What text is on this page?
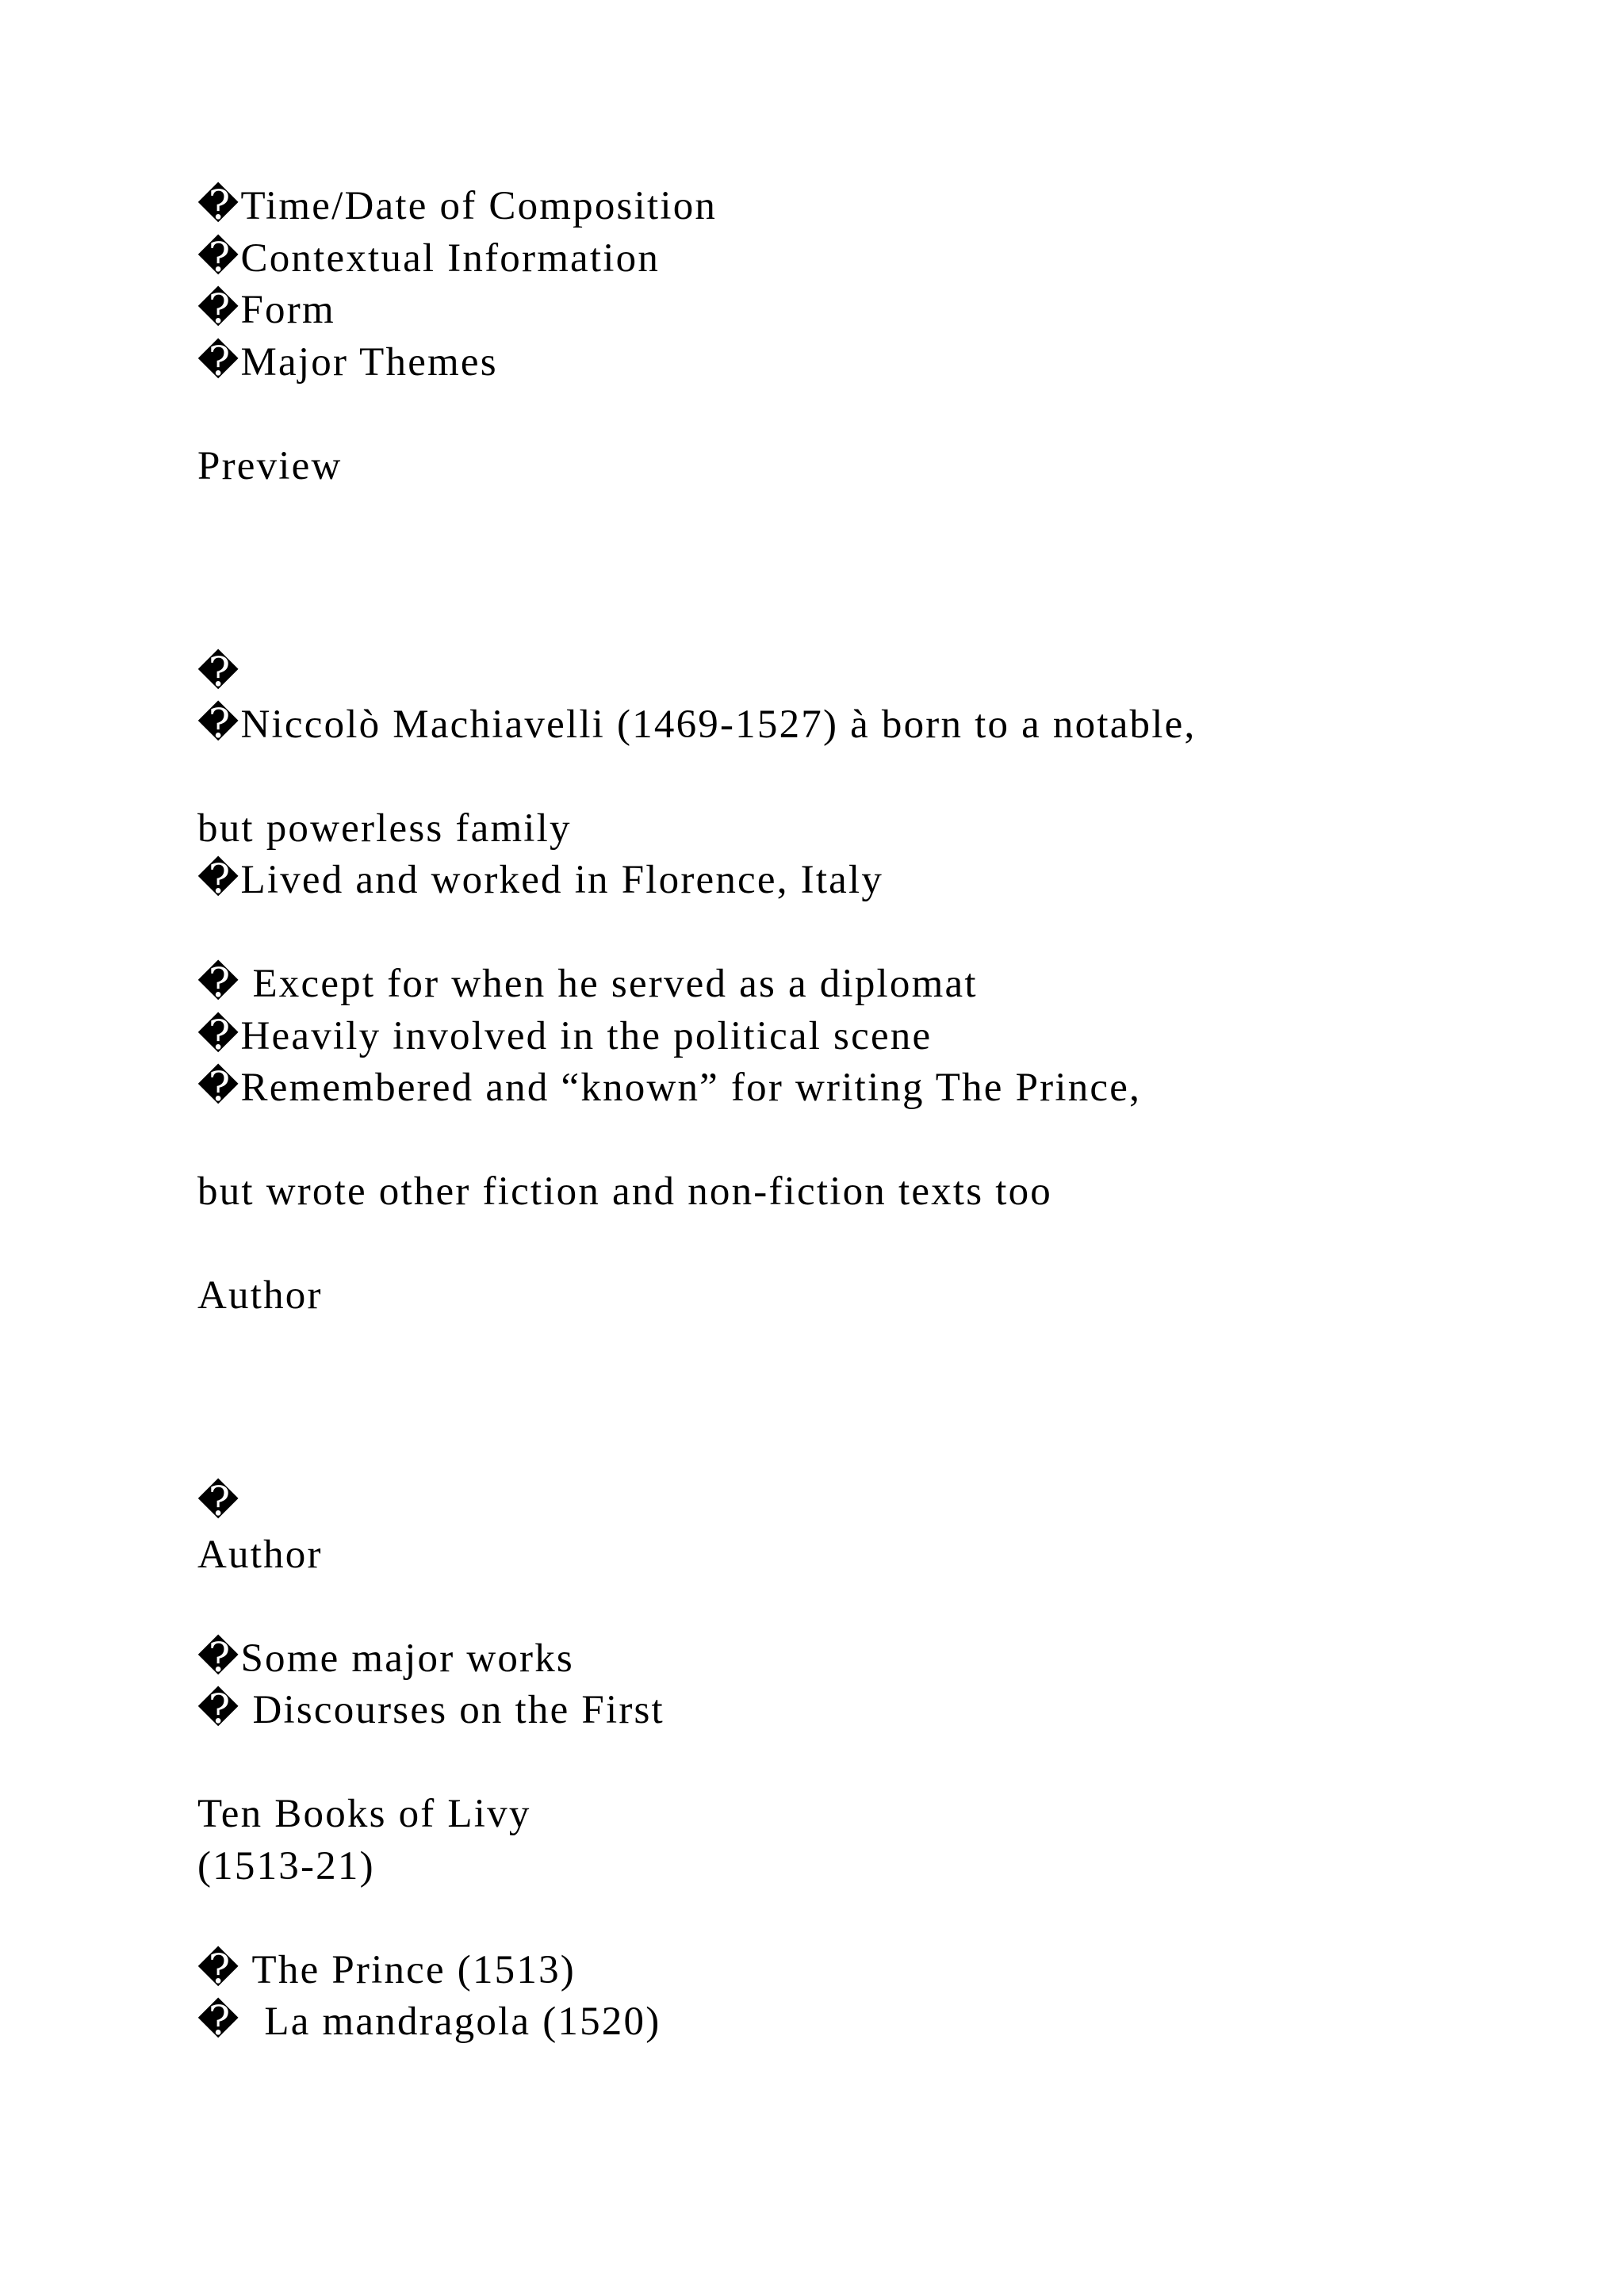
�Time/Date of Composition

�Contextual Information

�Form

�Major Themes

Preview

�

�Niccolò Machiavelli (1469-1527) à born to a notable,

but powerless family

�Lived and worked in Florence, Italy

� Except for when he served as a diplomat

�Heavily involved in the political scene

�Remembered and “known” for writing The Prince,

but wrote other fiction and non-fiction texts too

Author

�

Author

�Some major works

� Discourses on the First

Ten Books of Livy

(1513-21)

� The Prince (1513)

�  La mandragola (1520)
